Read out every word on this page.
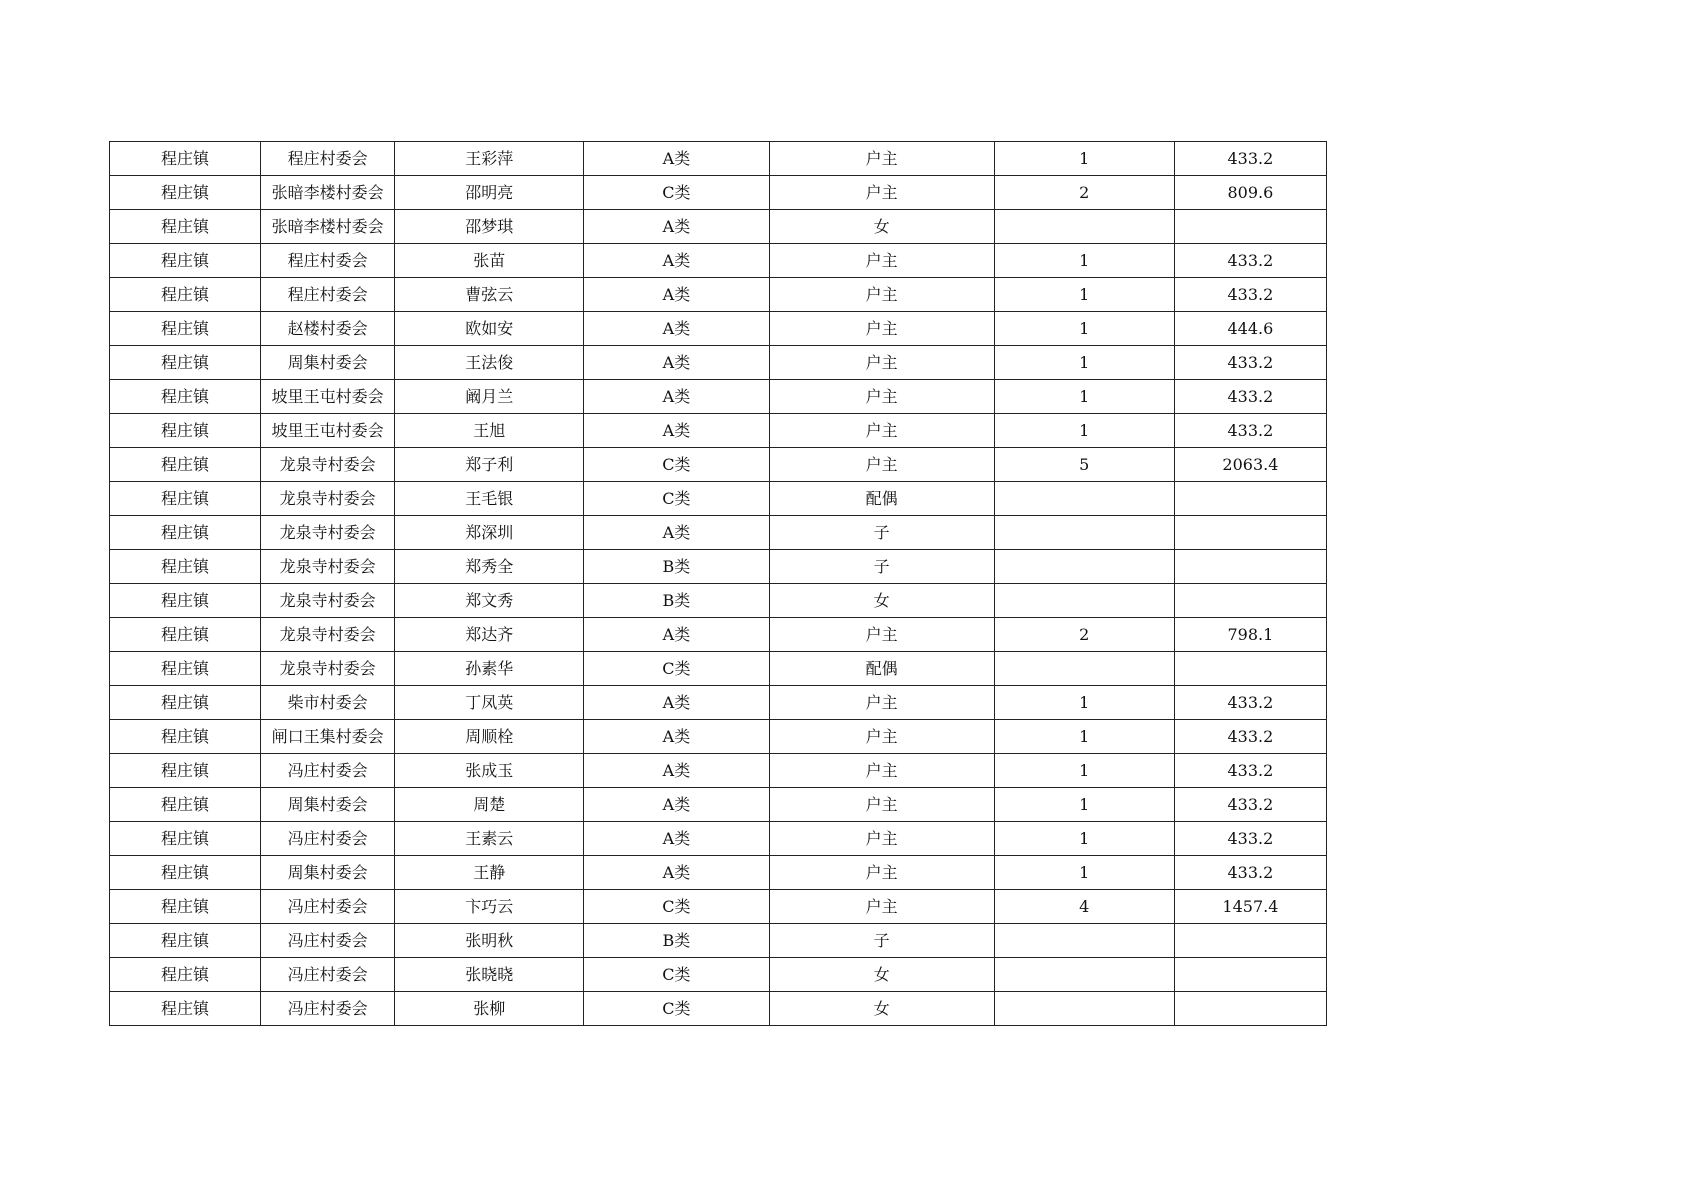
程庄镇	程庄村委会	王彩萍	A类	户主	1	433.2
程庄镇	张暗李楼村委会	邵明亮	C类	户主	2	809.6
程庄镇	张暗李楼村委会	邵梦琪	A类	女		
程庄镇	程庄村委会	张苗	A类	户主	1	433.2
程庄镇	程庄村委会	曹弦云	A类	户主	1	433.2
程庄镇	赵楼村委会	欧如安	A类	户主	1	444.6
程庄镇	周集村委会	王法俊	A类	户主	1	433.2
程庄镇	坡里王屯村委会	阚月兰	A类	户主	1	433.2
程庄镇	坡里王屯村委会	王旭	A类	户主	1	433.2
程庄镇	龙泉寺村委会	郑子利	C类	户主	5	2063.4
程庄镇	龙泉寺村委会	王毛银	C类	配偶		
程庄镇	龙泉寺村委会	郑深圳	A类	子		
程庄镇	龙泉寺村委会	郑秀全	B类	子		
程庄镇	龙泉寺村委会	郑文秀	B类	女		
程庄镇	龙泉寺村委会	郑达齐	A类	户主	2	798.1
程庄镇	龙泉寺村委会	孙素华	C类	配偶		
程庄镇	柴市村委会	丁凤英	A类	户主	1	433.2
程庄镇	闸口王集村委会	周顺栓	A类	户主	1	433.2
程庄镇	冯庄村委会	张成玉	A类	户主	1	433.2
程庄镇	周集村委会	周楚	A类	户主	1	433.2
程庄镇	冯庄村委会	王素云	A类	户主	1	433.2
程庄镇	周集村委会	王静	A类	户主	1	433.2
程庄镇	冯庄村委会	卞巧云	C类	户主	4	1457.4
程庄镇	冯庄村委会	张明秋	B类	子		
程庄镇	冯庄村委会	张晓晓	C类	女		
程庄镇	冯庄村委会	张柳	C类	女		
